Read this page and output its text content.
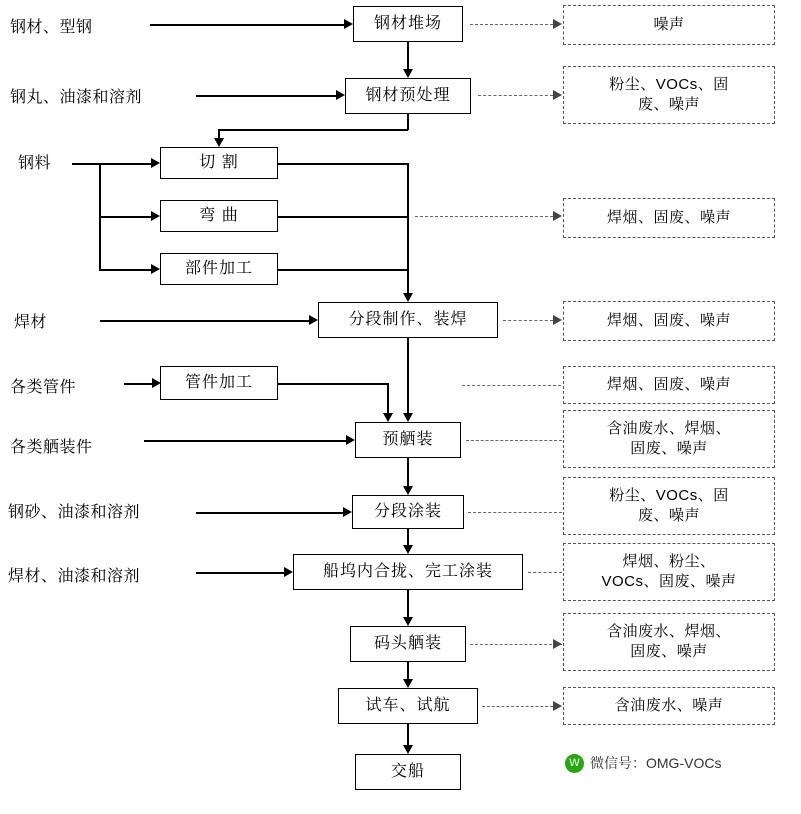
钢材、型钢
钢丸、油漆和溶剂
钢料
焊材
各类管件
各类舾装件
钢砂、油漆和溶剂
焊材、油漆和溶剂
钢材堆场
钢材预处理
切 割
弯 曲
部件加工
分段制作、装焊
管件加工
预舾装
分段涂装
船坞内合拢、完工涂装
码头舾装
试车、试航
交船
噪声
粉尘、VOCs、固
废、噪声
焊烟、固废、噪声
焊烟、固废、噪声
焊烟、固废、噪声
含油废水、焊烟、
固废、噪声
粉尘、VOCs、固
废、噪声
焊烟、粉尘、
VOCs、固废、噪声
含油废水、焊烟、
固废、噪声
含油废水、噪声
W 微信号：OMG-VOCs
